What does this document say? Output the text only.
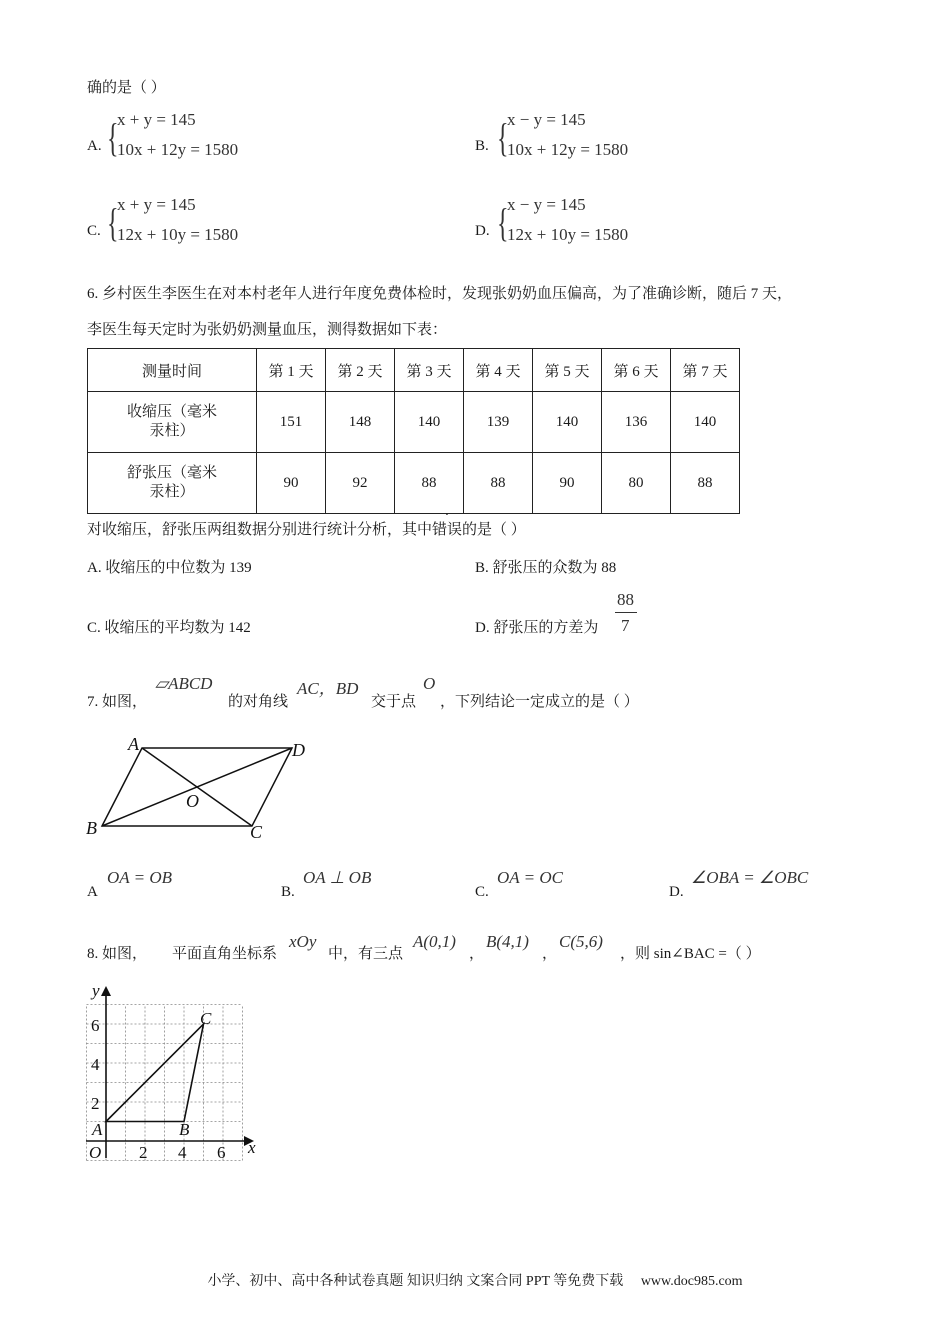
确的是（ ）
A. {
x + y = 145
10x + 12y = 1580	B. {
x − y = 145
10x + 12y = 1580
C. {
x + y = 145
12x + 10y = 1580	D. {
x − y = 145
12x + 10y = 1580
6. 乡村医生李医生在对本村老年人进行年度免费体检时，发现张奶奶血压偏高，为了准确诊断，随后 7 天，
李医生每天定时为张奶奶测量血压，测得数据如下表：
测量时间	第 1 天	第 2 天	第 3 天	第 4 天	第 5 天	第 6 天	第 7 天
收缩压（毫米汞柱）	151	148	140	139	140	136	140
舒张压（毫米汞柱）	90	92	88	88	90	80	88
对收缩压，舒张压两组数据分别进行统计分析，其中错误的是（ ）
A. 收缩压的中位数为 139	B. 舒张压的众数为 88
C. 收缩压的平均数为 142	D. 舒张压的方差为
88
7
7. 如图，
▱ABCD
的对角线
AC，BD
交于点
O
，下列结论一定成立的是（ ）
A	D
B	C
O
A
OA = OB
B.
OA ⊥ OB
C.
OA = OC
D.
∠OBA = ∠OBC
8. 如图， 平面直角坐标系
xOy
中，有三点
A(0,1)
，
B(4,1)
，
C(5,6)
，则 sin∠BAC =（ ）
y
x
O 2 4 6
2
4
6
A	B
C
小学、初中、高中各种试卷真题 知识归纳 文案合同 PPT 等免费下载 www.doc985.com
